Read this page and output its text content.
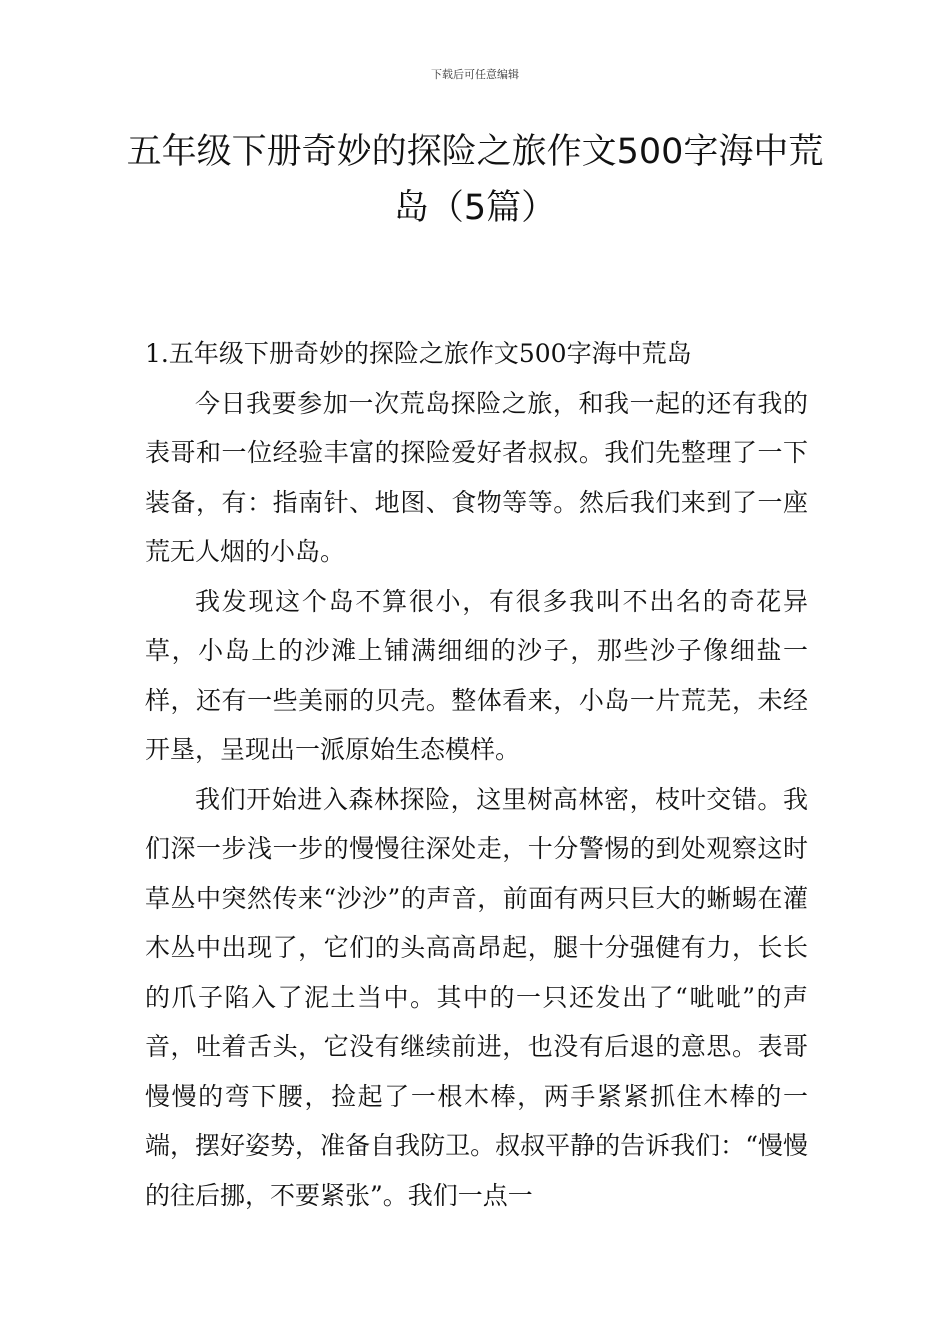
下载后可任意编辑

五年级下册奇妙的探险之旅作文500字海中荒岛（5篇）

1.五年级下册奇妙的探险之旅作文500字海中荒岛

今日我要参加一次荒岛探险之旅，和我一起的还有我的表哥和一位经验丰富的探险爱好者叔叔。我们先整理了一下装备，有：指南针、地图、食物等等。然后我们来到了一座荒无人烟的小岛。

我发现这个岛不算很小，有很多我叫不出名的奇花异草，小岛上的沙滩上铺满细细的沙子，那些沙子像细盐一样，还有一些美丽的贝壳。整体看来，小岛一片荒芜，未经开垦，呈现出一派原始生态模样。

我们开始进入森林探险，这里树高林密，枝叶交错。我们深一步浅一步的慢慢往深处走，十分警惕的到处观察这时草丛中突然传来“沙沙”的声音，前面有两只巨大的蜥蜴在灌木丛中出现了，它们的头高高昂起，腿十分强健有力，长长的爪子陷入了泥土当中。其中的一只还发出了“呲呲”的声音，吐着舌头，它没有继续前进，也没有后退的意思。表哥慢慢的弯下腰，捡起了一根木棒，两手紧紧抓住木棒的一端，摆好姿势，准备自我防卫。叔叔平静的告诉我们：“慢慢的往后挪，不要紧张”。我们一点一
